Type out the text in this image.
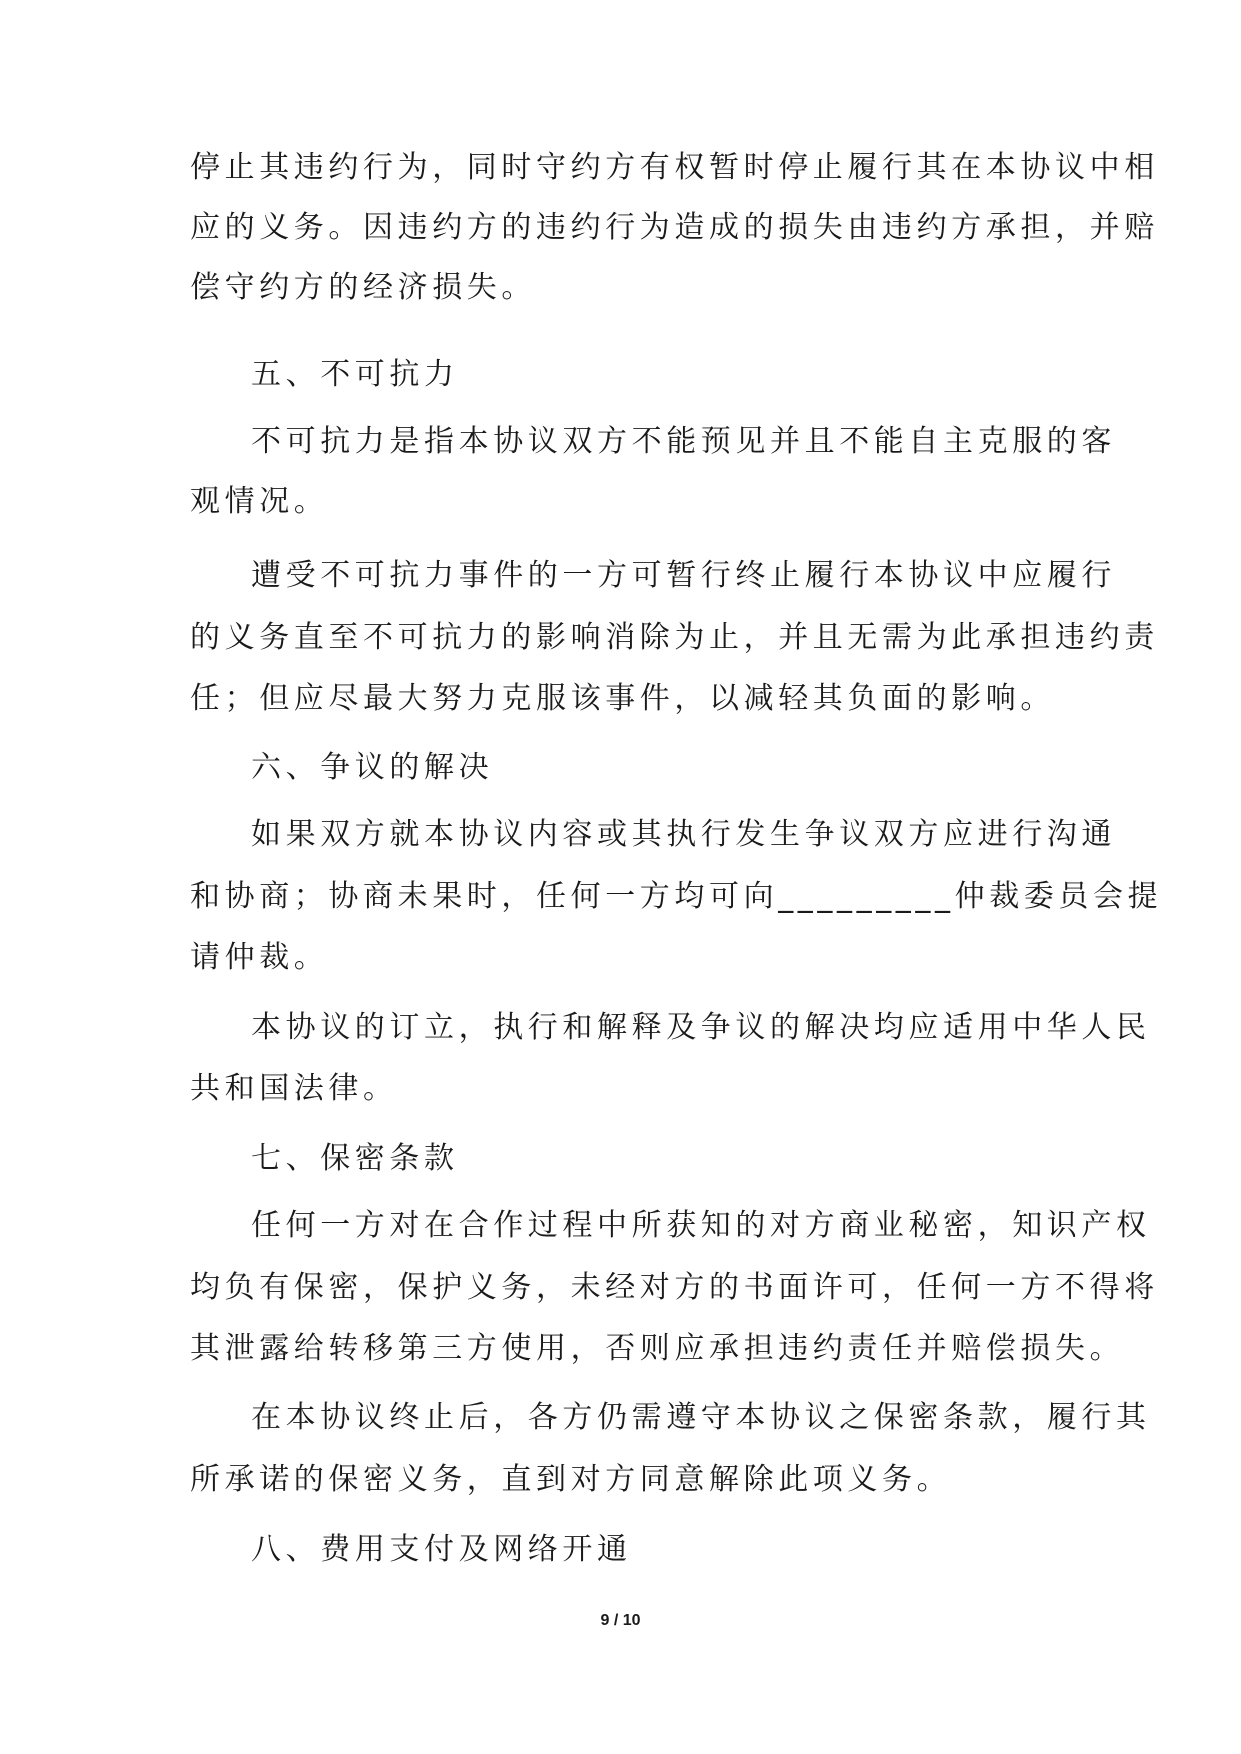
停止其违约行为，同时守约方有权暂时停止履行其在本协议中相
应的义务。因违约方的违约行为造成的损失由违约方承担，并赔
偿守约方的经济损失。
五、不可抗力
不可抗力是指本协议双方不能预见并且不能自主克服的客
观情况。
遭受不可抗力事件的一方可暂行终止履行本协议中应履行
的义务直至不可抗力的影响消除为止，并且无需为此承担违约责
任；但应尽最大努力克服该事件，以减轻其负面的影响。
六、争议的解决
如果双方就本协议内容或其执行发生争议双方应进行沟通
和协商；协商未果时，任何一方均可向_________仲裁委员会提
请仲裁。
本协议的订立，执行和解释及争议的解决均应适用中华人民
共和国法律。
七、保密条款
任何一方对在合作过程中所获知的对方商业秘密，知识产权
均负有保密，保护义务，未经对方的书面许可，任何一方不得将
其泄露给转移第三方使用，否则应承担违约责任并赔偿损失。
在本协议终止后，各方仍需遵守本协议之保密条款，履行其
所承诺的保密义务，直到对方同意解除此项义务。
八、费用支付及网络开通
9 / 10
